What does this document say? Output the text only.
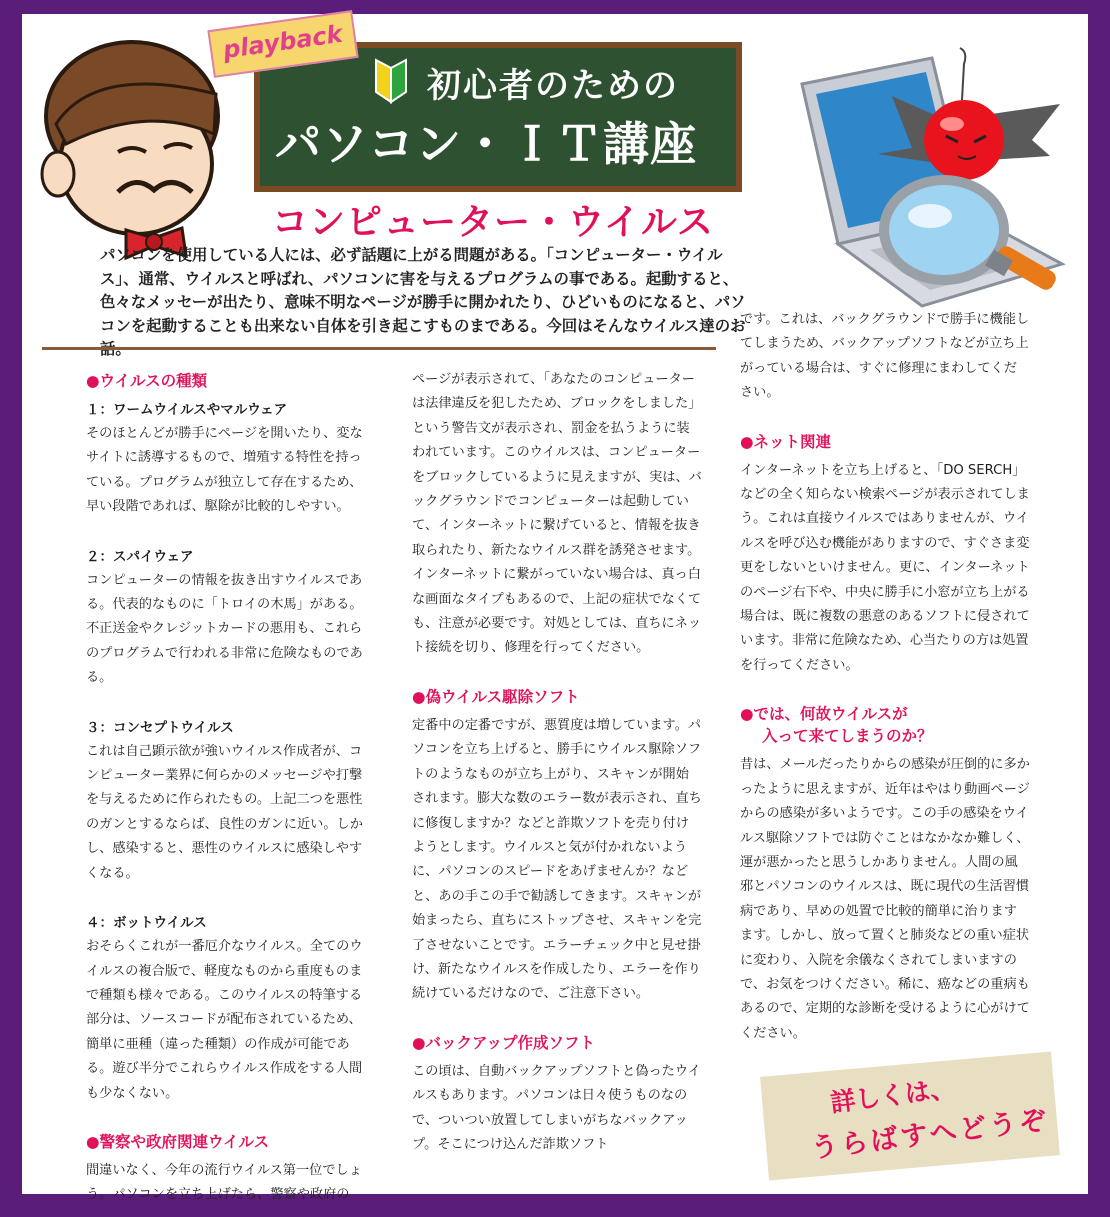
playback
初心者のための
パソコン・ＩＴ講座
コンピューター・ウイルス
パソコンを使用している人には、必ず話題に上がる問題がある。「コンピューター・ウイルス」、通常、ウイルスと呼ばれ、パソコンに害を与えるプログラムの事である。起動すると、色々なメッセーが出たり、意味不明なページが勝手に開かれたり、ひどいものになると、パソコンを起動することも出来ない自体を引き起こすものまである。今回はそんなウイルス達のお
●ウイルスの種類

１：ワームウイルスやマルウェア

そのほとんどが勝手にページを開いたり、変なサイトに誘導するもので、増殖する特性を持っている。プログラムが独立して存在するため、早い段階であれば、駆除が比較的しやすい。

２：スパイウェア

コンピューターの情報を抜き出すウイルスである。代表的なものに「トロイの木馬」がある。不正送金やクレジットカードの悪用も、これらのプログラムで行われる非常に危険なものである。

３：コンセプトウイルス

これは自己顕示欲が強いウイルス作成者が、コンピューター業界に何らかのメッセージや打撃を与えるために作られたもの。上記二つを悪性のガンとするならば、良性のガンに近い。しかし、感染すると、悪性のウイルスに感染しやすくなる。

４：ボットウイルス

おそらくこれが一番厄介なウイルス。全てのウイルスの複合版で、軽度なものから重度ものまで種類も様々である。このウイルスの特筆する部分は、ソースコードが配布されているため、簡単に亜種（違った種類）の作成が可能である。遊び半分でこれらウイルス作成をする人間も少なくない。

●警察や政府関連ウイルス

間違いなく、今年の流行ウイルス第一位でしょう。パソコンを立ち上げたら、警察や政府の

ページが表示されて、「あなたのコンピューターは法律違反を犯したため、ブロックをしました」という警告文が表示され、罰金を払うように装われています。このウイルスは、コンピューターをブロックしているように見えますが、実は、バックグラウンドでコンピューターは起動していて、インターネットに繋げていると、情報を抜き取られたり、新たなウイルス群を誘発させます。インターネットに繋がっていない場合は、真っ白な画面なタイプもあるので、上記の症状でなくても、注意が必要です。対処としては、直ちにネット接続を切り、修理を行ってください。

●偽ウイルス駆除ソフト

定番中の定番ですが、悪質度は増しています。パソコンを立ち上げると、勝手にウイルス駆除ソフトのようなものが立ち上がり、スキャンが開始されます。膨大な数のエラー数が表示され、直ちに修復しますか？などと詐欺ソフトを売り付けようとします。ウイルスと気が付かれないように、パソコンのスピードをあげませんか？などと、あの手この手で勧誘してきます。スキャンが始まったら、直ちにストップさせ、スキャンを完了させないことです。エラーチェック中と見せ掛け、新たなウイルスを作成したり、エラーを作り続けているだけなので、ご注意下さい。

●バックアップ作成ソフト

この頃は、自動バックアップソフトと偽ったウイルスもあります。パソコンは日々使うものなので、ついつい放置してしまいがちなバックアップ。そこにつけ込んだ詐欺ソフト

です。これは、バックグラウンドで勝手に機能してしまうため、バックアップソフトなどが立ち上がっている場合は、すぐに修理にまわしてください。

●ネット関連

インターネットを立ち上げると、「DO SERCH」などの全く知らない検索ページが表示されてしまう。これは直接ウイルスではありませんが、ウイルスを呼び込む機能がありますので、すぐさま変更をしないといけません。更に、インターネットのページ右下や、中央に勝手に小窓が立ち上がる場合は、既に複数の悪意のあるソフトに侵されています。非常に危険なため、心当たりの方は処置を行ってください。

●では、何故ウイルスが
入って来てしまうのか？

昔は、メールだったりからの感染が圧倒的に多かったように思えますが、近年はやはり動画ページからの感染が多いようです。この手の感染をウイルス駆除ソフトでは防ぐことはなかなか難しく、運が悪かったと思うしかありません。人間の風邪とパソコンのウイルスは、既に現代の生活習慣病であり、早めの処置で比較的簡単に治りますます。しかし、放って置くと肺炎などの重い症状に変わり、入院を余儀なくされてしまいますので、お気をつけください。稀に、癌などの重病もあるので、定期的な診断を受けるように心がけてください。

詳しくは、
うらばすへどうぞ
